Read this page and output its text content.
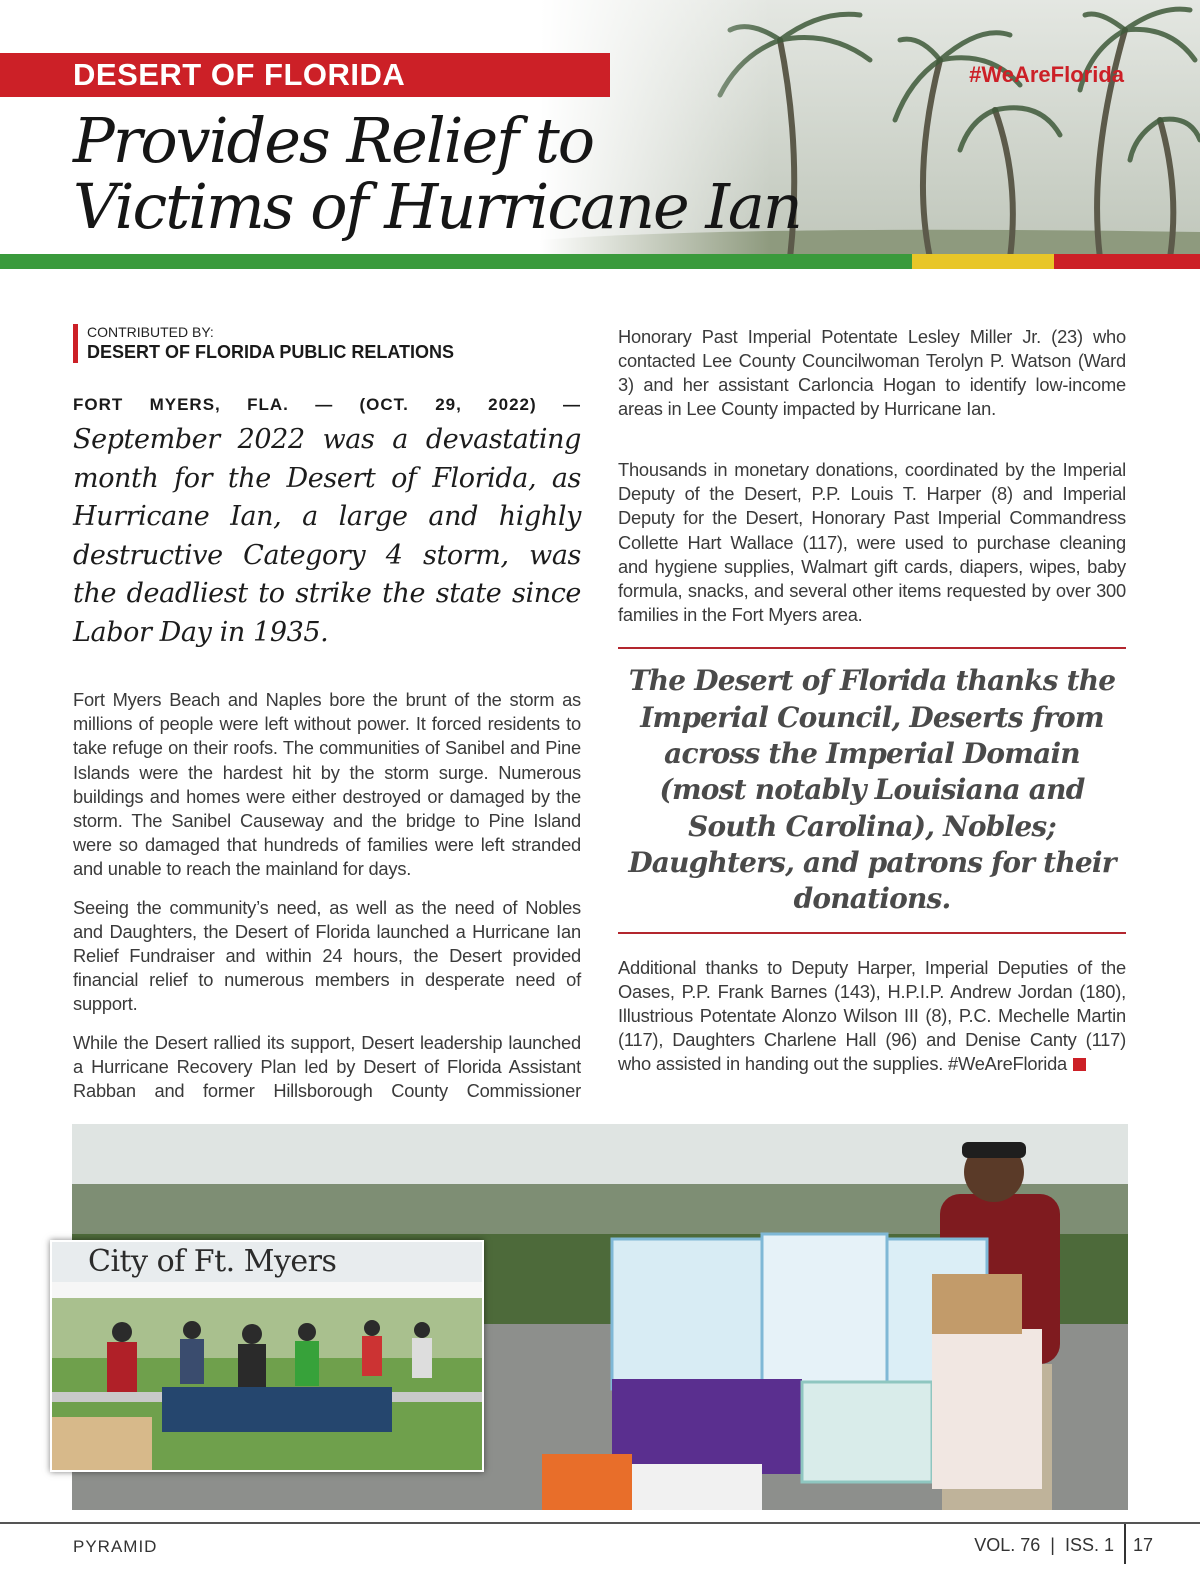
DESERT OF FLORIDA	#WeAreFlorida
Provides Relief to
Victims of Hurricane Ian
CONTRIBUTED BY:
DESERT OF FLORIDA PUBLIC RELATIONS
FORT MYERS, FLA. — (OCT. 29, 2022) —

September 2022 was a devastating month for the Desert of Florida, as Hurricane Ian, a large and highly destructive Category 4 storm, was the deadliest to strike the state since Labor Day in 1935.

Fort Myers Beach and Naples bore the brunt of the storm as millions of people were left without power. It forced residents to take refuge on their roofs. The communities of Sanibel and Pine Islands were the hardest hit by the storm surge. Numerous buildings and homes were either destroyed or damaged by the storm. The Sanibel Causeway and the bridge to Pine Island were so damaged that hundreds of families were left stranded and unable to reach the mainland for days.

Seeing the community’s need, as well as the need of Nobles and Daughters, the Desert of Florida launched a Hurricane Ian Relief Fundraiser and within 24 hours, the Desert provided financial relief to numerous members in desperate need of support.

While the Desert rallied its support, Desert leadership launched a Hurricane Recovery Plan led by Desert of Florida Assistant Rabban and former Hillsborough County Commissioner

Honorary Past Imperial Potentate Lesley Miller Jr. (23) who contacted Lee County Councilwoman Terolyn P. Watson (Ward 3) and her assistant Carloncia Hogan to identify low-income areas in Lee County impacted by Hurricane Ian.

Thousands in monetary donations, coordinated by the Imperial Deputy of the Desert, P.P. Louis T. Harper (8) and Imperial Deputy for the Desert, Honorary Past Imperial Commandress Collette Hart Wallace (117), were used to purchase cleaning and hygiene supplies, Walmart gift cards, diapers, wipes, baby formula, snacks, and several other items requested by over 300 families in the Fort Myers area.

The Desert of Florida thanks the Imperial Council, Deserts from across the Imperial Domain (most notably Louisiana and South Carolina), Nobles; Daughters, and patrons for their donations.

Additional thanks to Deputy Harper, Imperial Deputies of the Oases, P.P. Frank Barnes (143), H.P.I.P. Andrew Jordan (180), Illustrious Potentate Alonzo Wilson III (8), P.C. Mechelle Martin (117), Daughters Charlene Hall (96) and Denise Canty (117) who assisted in handing out the supplies. #WeAreFlorida

City of Ft. Myers
PYRAMID	VOL. 76  |  ISS. 1 17
